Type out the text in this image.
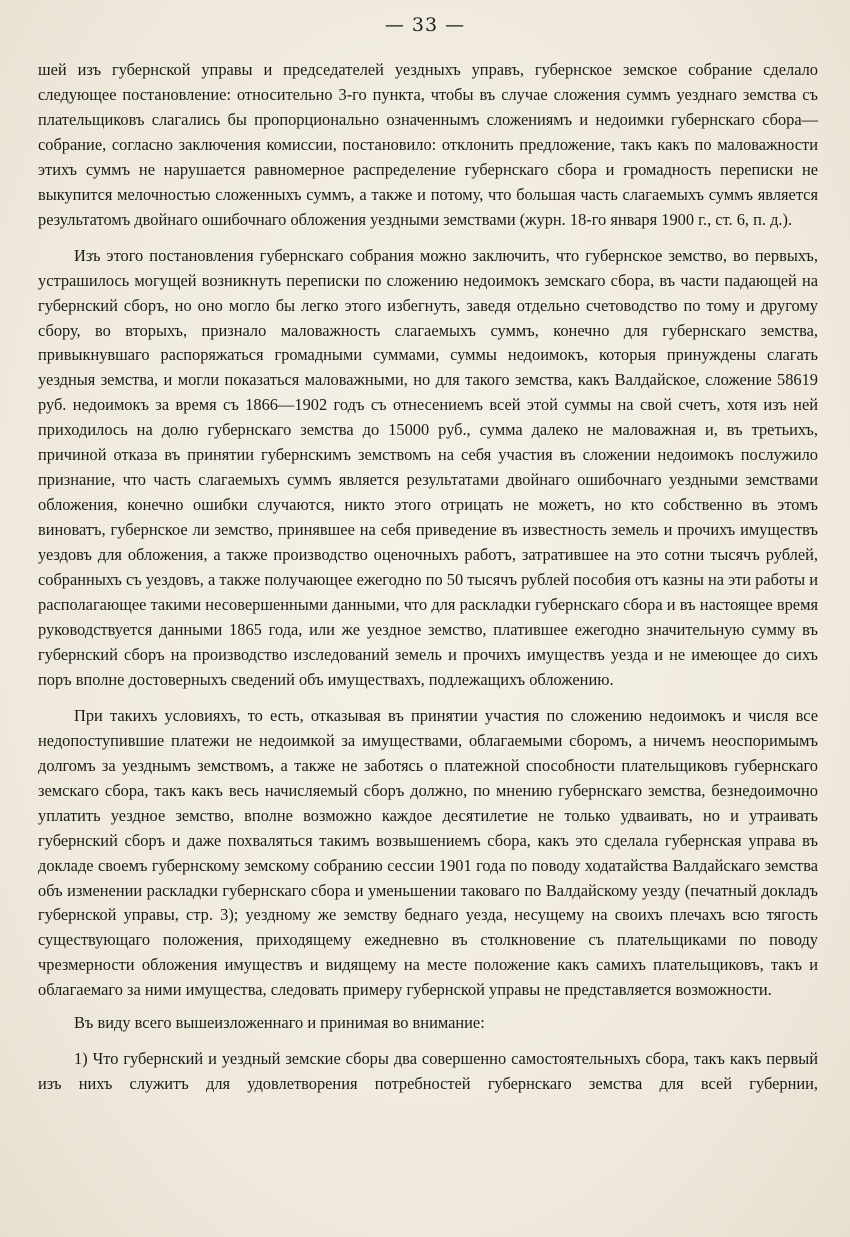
— 33 —

шей изъ губернской управы и председателей уездныхъ управъ, губернское земское собрание сделало следующее постановление: относительно 3-го пункта, чтобы въ случае сложения суммъ уезднаго земства съ плательщиковъ слагались бы пропорционально означеннымъ сложениямъ и недоимки губернскаго сбора—собрание, согласно заключения комиссии, постановило: отклонить предложение, такъ какъ по маловажности этихъ суммъ не нарушается равномерное распределение губернскаго сбора и громадность переписки не выкупится мелочностью сложенныхъ суммъ, а также и потому, что большая часть слагаемыхъ суммъ является результатомъ двойнаго ошибочнаго обложения уездными земствами (журн. 18-го января 1900 г., ст. 6, п. д.).

Изъ этого постановления губернскаго собрания можно заключить, что губернское земство, во первыхъ, устрашилось могущей возникнуть переписки по сложению недоимокъ земскаго сбора, въ части падающей на губернский сборъ, но оно могло бы легко этого избегнуть, заведя отдельно счетоводство по тому и другому сбору, во вторыхъ, признало маловажность слагаемыхъ суммъ, конечно для губернскаго земства, привыкнувшаго распоряжаться громадными суммами, суммы недоимокъ, которыя принуждены слагать уездныя земства, и могли показаться маловажными, но для такого земства, какъ Валдайское, сложение 58619 руб. недоимокъ за время съ 1866—1902 годъ съ отнесениемъ всей этой суммы на свой счетъ, хотя изъ ней приходилось на долю губернскаго земства до 15000 руб., сумма далеко не маловажная и, въ третьихъ, причиной отказа въ принятии губернскимъ земствомъ на себя участия въ сложении недоимокъ послужило признание, что часть слагаемыхъ суммъ является результатами двойнаго ошибочнаго уездными земствами обложения, конечно ошибки случаются, никто этого отрицать не можетъ, но кто собственно въ этомъ виноватъ, губернское ли земство, принявшее на себя приведение въ известность земель и прочихъ имуществъ уездовъ для обложения, а также производство оценочныхъ работъ, затратившее на это сотни тысячъ рублей, собранныхъ съ уездовъ, а также получающее ежегодно по 50 тысячъ рублей пособия отъ казны на эти работы и располагающее такими несовершенными данными, что для раскладки губернскаго сбора и въ настоящее время руководствуется данными 1865 года, или же уездное земство, платившее ежегодно значительную сумму въ губернский сборъ на производство изследований земель и прочихъ имуществъ уезда и не имеющее до сихъ поръ вполне достоверныхъ сведений объ имуществахъ, подлежащихъ обложению.

При такихъ условияхъ, то есть, отказывая въ принятии участия по сложению недоимокъ и числя все недопоступившие платежи не недоимкой за имуществами, облагаемыми сборомъ, а ничемъ неоспоримымъ долгомъ за уезднымъ земствомъ, а также не заботясь о платежной способности плательщиковъ губернскаго земскаго сбора, такъ какъ весь начисляемый сборъ должно, по мнению губернскаго земства, безнедоимочно уплатить уездное земство, вполне возможно каждое десятилетие не только удваивать, но и утраивать губернский сборъ и даже похваляться такимъ возвышениемъ сбора, какъ это сделала губернская управа въ докладе своемъ губернскому земскому собранию сессии 1901 года по поводу ходатайства Валдайскаго земства объ изменении раскладки губернскаго сбора и уменьшении таковаго по Валдайскому уезду (печатный докладъ губернской управы, стр. 3); уездному же земству беднаго уезда, несущему на своихъ плечахъ всю тягость существующаго положения, приходящему ежедневно въ столкновение съ плательщиками по поводу чрезмерности обложения имуществъ и видящему на месте положение какъ самихъ плательщиковъ, такъ и облагаемаго за ними имущества, следовать примеру губернской управы не представляется возможности.

Въ виду всего вышеизложеннаго и принимая во внимание:

1) Что губернский и уездный земские сборы два совершенно самостоятельныхъ сбора, такъ какъ первый изъ нихъ служитъ для удовлетворения потребностей губернскаго земства для всей губернии,
